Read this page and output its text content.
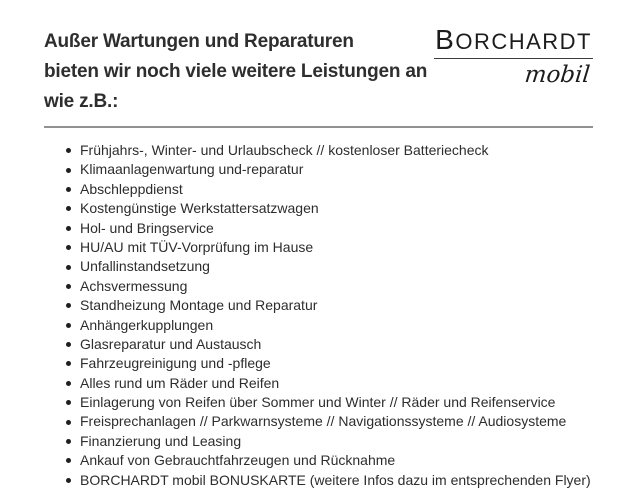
Außer Wartungen und Reparaturen
bieten wir noch viele weitere Leistungen an wie z.B.:
BORCHARDT
mobil
Frühjahrs-, Winter- und Urlaubscheck // kostenloser Batteriecheck
Klimaanlagenwartung und-reparatur
Abschleppdienst
Kostengünstige Werkstattersatzwagen
Hol- und Bringservice
HU/AU mit TÜV-Vorprüfung im Hause
Unfallinstandsetzung
Achsvermessung
Standheizung Montage und Reparatur
Anhängerkupplungen
Glasreparatur und Austausch
Fahrzeugreinigung und -pflege
Alles rund um Räder und Reifen
Einlagerung von Reifen über Sommer und Winter // Räder und Reifenservice
Freisprechanlagen // Parkwarnsysteme // Navigationssysteme // Audiosysteme
Finanzierung und Leasing
Ankauf von Gebrauchtfahrzeugen und Rücknahme
BORCHARDT mobil BONUSKARTE (weitere Infos dazu im entsprechenden Flyer)
